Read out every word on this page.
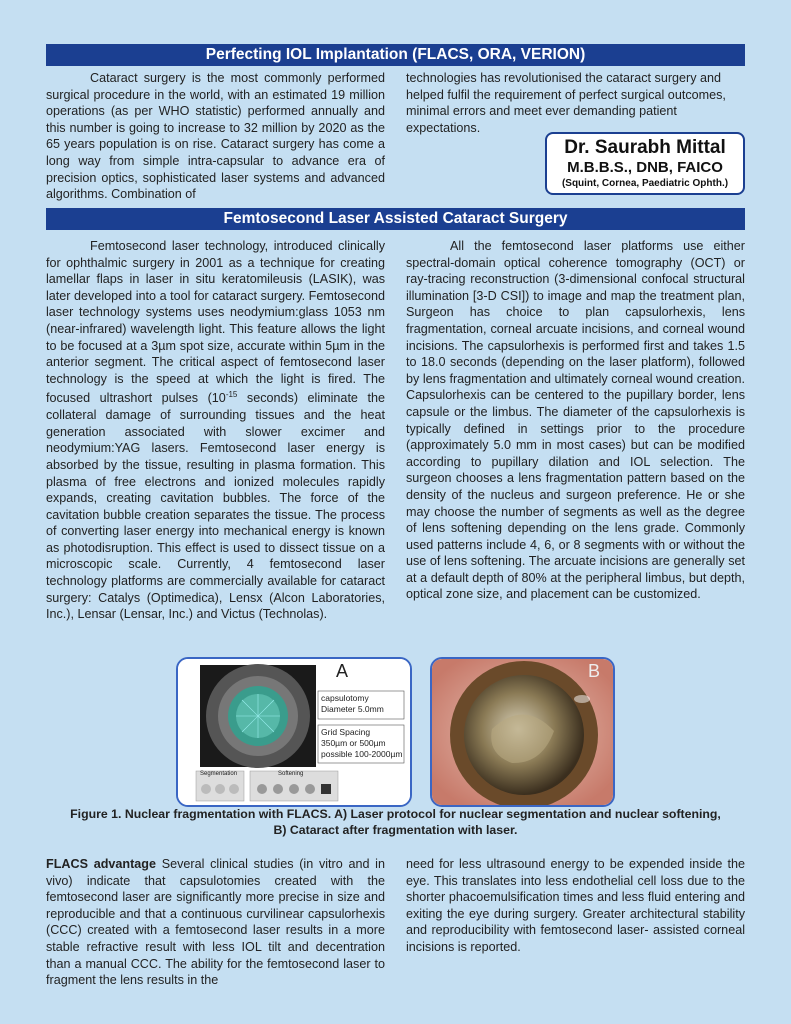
Perfecting IOL Implantation (FLACS, ORA, VERION)

Cataract surgery is the most commonly performed surgical procedure in the world, with an estimated 19 million operations (as per WHO statistic) performed annually and this number is going to increase to 32 million by 2020 as the 65 years population is on rise. Cataract surgery has come a long way from simple intra-capsular to advance era of precision optics, sophisticated laser systems and advanced algorithms. Combination of

technologies has revolutionised the cataract surgery and helped fulfil the requirement of perfect surgical outcomes, minimal errors and meet ever demanding patient expectations.

Dr. Saurabh Mittal
M.B.B.S., DNB, FAICO
(Squint, Cornea, Paediatric Ophth.)
Femtosecond Laser Assisted Cataract Surgery

Femtosecond laser technology, introduced clinically for ophthalmic surgery in 2001 as a technique for creating lamellar flaps in laser in situ keratomileusis (LASIK), was later developed into a tool for cataract surgery. Femtosecond laser technology systems uses neodymium:glass 1053 nm (near-infrared) wavelength light. This feature allows the light to be focused at a 3µm spot size, accurate within 5µm in the anterior segment. The critical aspect of femtosecond laser technology is the speed at which the light is fired. The focused ultrashort pulses ($10^{-15}$ seconds) eliminate the collateral damage of surrounding tissues and the heat generation associated with slower excimer and neodymium:YAG lasers. Femtosecond laser energy is absorbed by the tissue, resulting in plasma formation. This plasma of free electrons and ionized molecules rapidly expands, creating cavitation bubbles. The force of the cavitation bubble creation separates the tissue. The process of converting laser energy into mechanical energy is known as photodisruption. This effect is used to dissect tissue on a microscopic scale. Currently, 4 femtosecond laser technology platforms are commercially available for cataract surgery: Catalys (Optimedica), Lensx (Alcon Laboratories, Inc.), Lensar (Lensar, Inc.) and Victus (Technolas).

All the femtosecond laser platforms use either spectral-domain optical coherence tomography (OCT) or ray-tracing reconstruction (3-dimensional confocal structural illumination [3-D CSI]) to image and map the treatment plan, Surgeon has choice to plan capsulorhexis, lens fragmentation, corneal arcuate incisions, and corneal wound incisions. The capsulorhexis is performed first and takes 1.5 to 18.0 seconds (depending on the laser platform), followed by lens fragmentation and ultimately corneal wound creation. Capsulorhexis can be centered to the pupillary border, lens capsule or the limbus. The diameter of the capsulorhexis is typically defined in settings prior to the procedure (approximately 5.0 mm in most cases) but can be modified according to pupillary dilation and IOL selection. The surgeon chooses a lens fragmentation pattern based on the density of the nucleus and surgeon preference. He or she may choose the number of segments as well as the degree of lens softening depending on the lens grade. Commonly used patterns include 4, 6, or 8 segments with or without the use of lens softening. The arcuate incisions are generally set at a default depth of 80% at the peripheral limbus, but depth, optical zone size, and placement can be customized.

A
capsulotomy
Diameter 5.0mm
Grid Spacing
350µm or 500µm
possible 100-2000µm
Segmentation	Softening
B
Figure 1. Nuclear fragmentation with FLACS. A) Laser protocol for nuclear segmentation and nuclear softening,
B) Cataract after fragmentation with laser.

FLACS advantage Several clinical studies (in vitro and in vivo) indicate that capsulotomies created with the femtosecond laser are significantly more precise in size and reproducible and that a continuous curvilinear capsulorhexis (CCC) created with a femtosecond laser results in a more stable refractive result with less IOL tilt and decentration than a manual CCC. The ability for the femtosecond laser to fragment the lens results in the

need for less ultrasound energy to be expended inside the eye. This translates into less endothelial cell loss due to the shorter phacoemulsification times and less fluid entering and exiting the eye during surgery. Greater architectural stability and reproducibility with femtosecond laser- assisted corneal incisions is reported.
